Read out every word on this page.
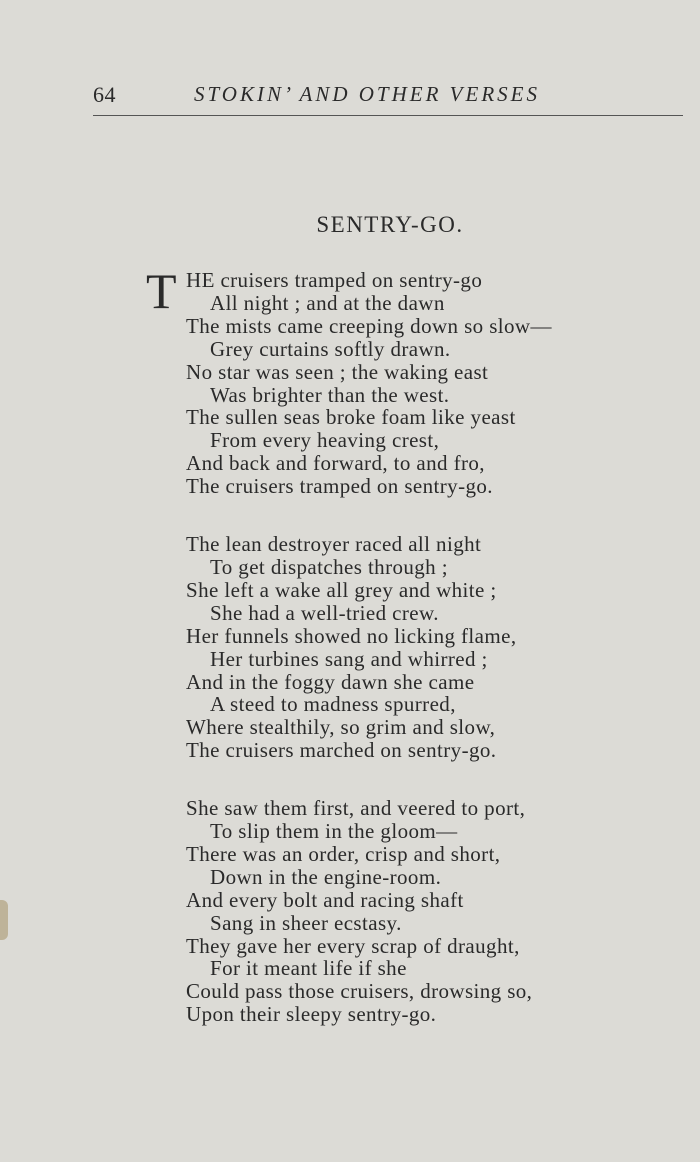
64	STOKIN’ AND OTHER VERSES
SENTRY-GO.
T HE cruisers tramped on sentry-go
All night ; and at the dawn
The mists came creeping down so slow—
Grey curtains softly drawn.
No star was seen ; the waking east
Was brighter than the west.
The sullen seas broke foam like yeast
From every heaving crest,
And back and forward, to and fro,
The cruisers tramped on sentry-go.
The lean destroyer raced all night
To get dispatches through ;
She left a wake all grey and white ;
She had a well-tried crew.
Her funnels showed no licking flame,
Her turbines sang and whirred ;
And in the foggy dawn she came
A steed to madness spurred,
Where stealthily, so grim and slow,
The cruisers marched on sentry-go.
She saw them first, and veered to port,
To slip them in the gloom—
There was an order, crisp and short,
Down in the engine-room.
And every bolt and racing shaft
Sang in sheer ecstasy.
They gave her every scrap of draught,
For it meant life if she
Could pass those cruisers, drowsing so,
Upon their sleepy sentry-go.
